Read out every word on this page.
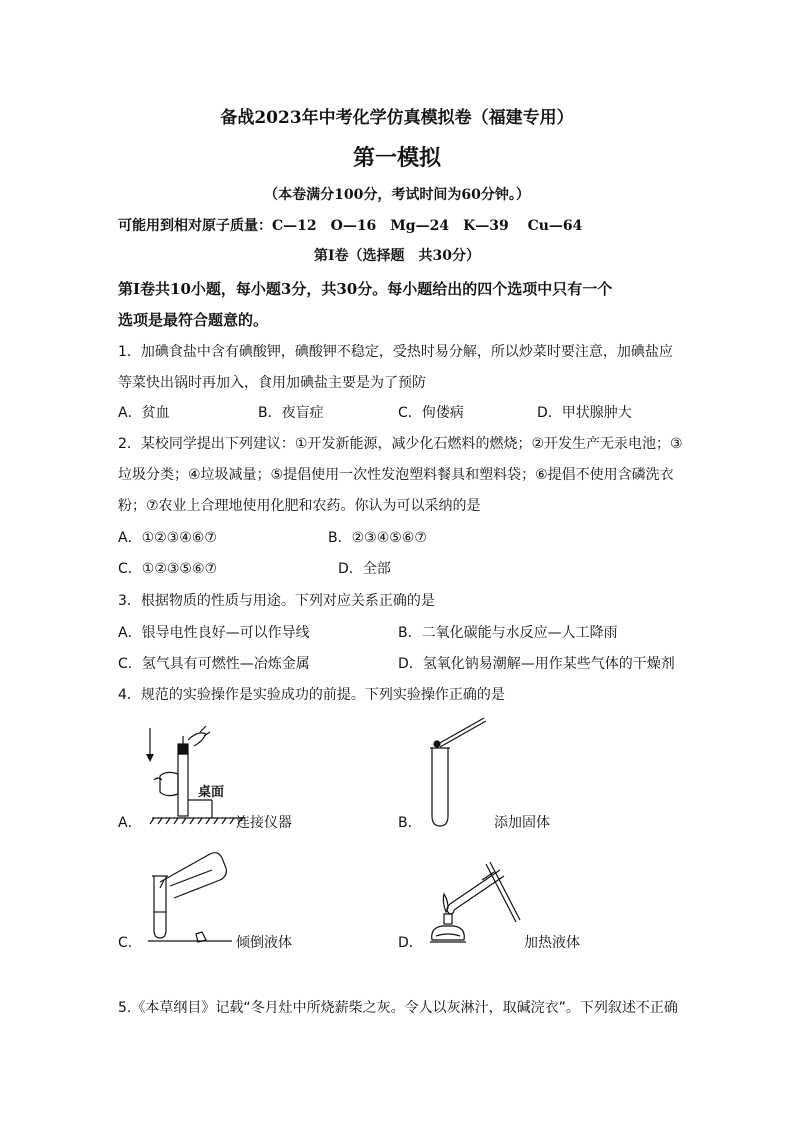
备战2023年中考化学仿真模拟卷（福建专用）
第一模拟
（本卷满分100分，考试时间为60分钟。）
可能用到相对原子质量：C—12　O—16　Mg—24　K—39　 Cu—64
第Ⅰ卷（选择题　共30分）
第Ⅰ卷共10小题，每小题3分，共30分。每小题给出的四个选项中只有一个
选项是最符合题意的。
1．加碘食盐中含有碘酸钾，碘酸钾不稳定，受热时易分解，所以炒菜时要注意，加碘盐应
等菜快出锅时再加入，食用加碘盐主要是为了预防
A．贫血	B．夜盲症	C．佝偻病	D．甲状腺肿大
2．某校同学提出下列建议：①开发新能源，减少化石燃料的燃烧；②开发生产无汞电池；③
垃圾分类；④垃圾减量；⑤提倡使用一次性发泡塑料餐具和塑料袋；⑥提倡不使用含磷洗衣
粉；⑦农业上合理地使用化肥和农药。你认为可以采纳的是
A．①②③④⑥⑦	B．②③④⑤⑥⑦
C．①②③⑤⑥⑦	D．全部
3．根据物质的性质与用途。下列对应关系正确的是
A．银导电性良好—可以作导线	B．二氧化碳能与水反应—人工降雨
C．氢气具有可燃性—冶炼金属	D．氢氧化钠易潮解—用作某些气体的干燥剂
4．规范的实验操作是实验成功的前提。下列实验操作正确的是
桌面
A．	连接仪器	B．	添加固体
C．	倾倒液体	D．	加热液体
5.《本草纲目》记载“冬月灶中所烧薪柴之灰。令人以灰淋汁，取碱浣衣”。下列叙述不正确
